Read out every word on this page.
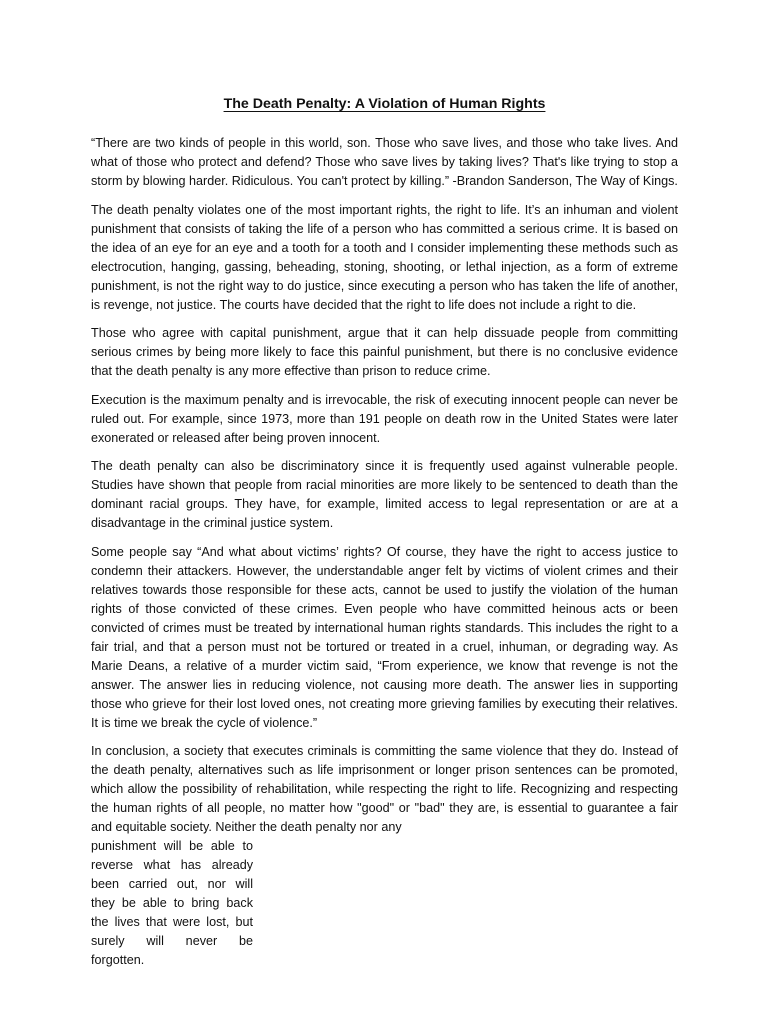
The Death Penalty: A Violation of Human Rights

“There are two kinds of people in this world, son. Those who save lives, and those who take lives. And what of those who protect and defend? Those who save lives by taking lives? That's like trying to stop a storm by blowing harder. Ridiculous. You can't protect by killing.” -Brandon Sanderson, The Way of Kings.

The death penalty violates one of the most important rights, the right to life. It’s an inhuman and violent punishment that consists of taking the life of a person who has committed a serious crime. It is based on the idea of an eye for an eye and a tooth for a tooth and I consider implementing these methods such as electrocution, hanging, gassing, beheading, stoning, shooting, or lethal injection, as a form of extreme punishment, is not the right way to do justice, since executing a person who has taken the life of another, is revenge, not justice. The courts have decided that the right to life does not include a right to die.

Those who agree with capital punishment, argue that it can help dissuade people from committing serious crimes by being more likely to face this painful punishment, but there is no conclusive evidence that the death penalty is any more effective than prison to reduce crime.

Execution is the maximum penalty and is irrevocable, the risk of executing innocent people can never be ruled out. For example, since 1973, more than 191 people on death row in the United States were later exonerated or released after being proven innocent.

The death penalty can also be discriminatory since it is frequently used against vulnerable people. Studies have shown that people from racial minorities are more likely to be sentenced to death than the dominant racial groups. They have, for example, limited access to legal representation or are at a disadvantage in the criminal justice system.

Some people say “And what about victims’ rights? Of course, they have the right to access justice to condemn their attackers. However, the understandable anger felt by victims of violent crimes and their relatives towards those responsible for these acts, cannot be used to justify the violation of the human rights of those convicted of these crimes. Even people who have committed heinous acts or been convicted of crimes must be treated by international human rights standards. This includes the right to a fair trial, and that a person must not be tortured or treated in a cruel, inhuman, or degrading way. As Marie Deans, a relative of a murder victim said, “From experience, we know that revenge is not the answer. The answer lies in reducing violence, not causing more death. The answer lies in supporting those who grieve for their lost loved ones, not creating more grieving families by executing their relatives. It is time we break the cycle of violence.”

In conclusion, a society that executes criminals is committing the same violence that they do. Instead of the death penalty, alternatives such as life imprisonment or longer prison sentences can be promoted, which allow the possibility of rehabilitation, while respecting the right to life. Recognizing and respecting the human rights of all people, no matter how "good" or "bad" they are, is essential to guarantee a fair and equitable society. Neither the death penalty nor any

punishment will be able to reverse what has already been carried out, nor will they be able to bring back the lives that were lost, but surely will never be forgotten.
